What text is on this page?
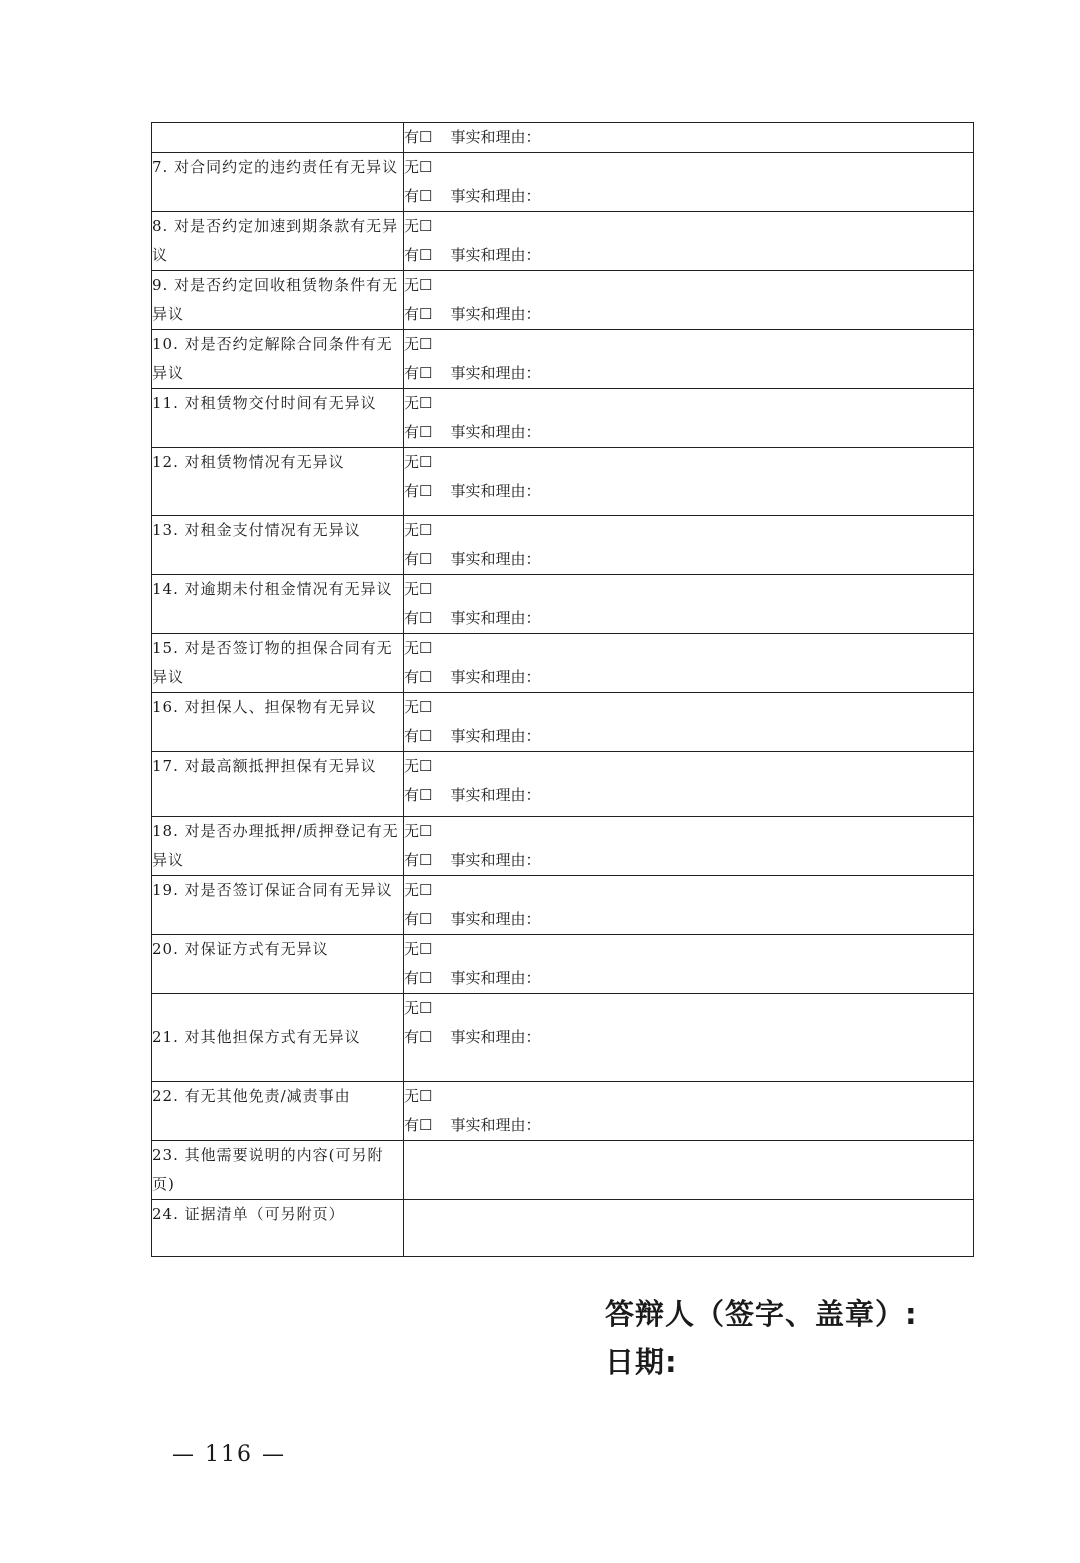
	有☐ 事实和理由：

7. 对合同约定的违约责任有无异议	无☐
有☐ 事实和理由：

8. 对是否约定加速到期条款有无异议	无☐
有☐ 事实和理由：

9. 对是否约定回收租赁物条件有无异议	无☐
有☐ 事实和理由：

10. 对是否约定解除合同条件有无异议	无☐
有☐ 事实和理由：

11. 对租赁物交付时间有无异议	无☐
有☐ 事实和理由：

12. 对租赁物情况有无异议	无☐
有☐ 事实和理由：

13. 对租金支付情况有无异议	无☐
有☐ 事实和理由：

14. 对逾期未付租金情况有无异议	无☐
有☐ 事实和理由：

15. 对是否签订物的担保合同有无异议	无☐
有☐ 事实和理由：

16. 对担保人、担保物有无异议	无☐
有☐ 事实和理由：

17. 对最高额抵押担保有无异议	无☐
有☐ 事实和理由：

18. 对是否办理抵押/质押登记有无异议	无☐
有☐ 事实和理由：

19. 对是否签订保证合同有无异议	无☐
有☐ 事实和理由：

20. 对保证方式有无异议	无☐
有☐ 事实和理由：

21. 对其他担保方式有无异议	无☐
有☐ 事实和理由：

22. 有无其他免责/减责事由	无☐
有☐ 事实和理由：

23. 其他需要说明的内容(可另附页)	
24. 证据清单（可另附页）	
答辩人（签字、盖章）:
日期:
— 116 —
